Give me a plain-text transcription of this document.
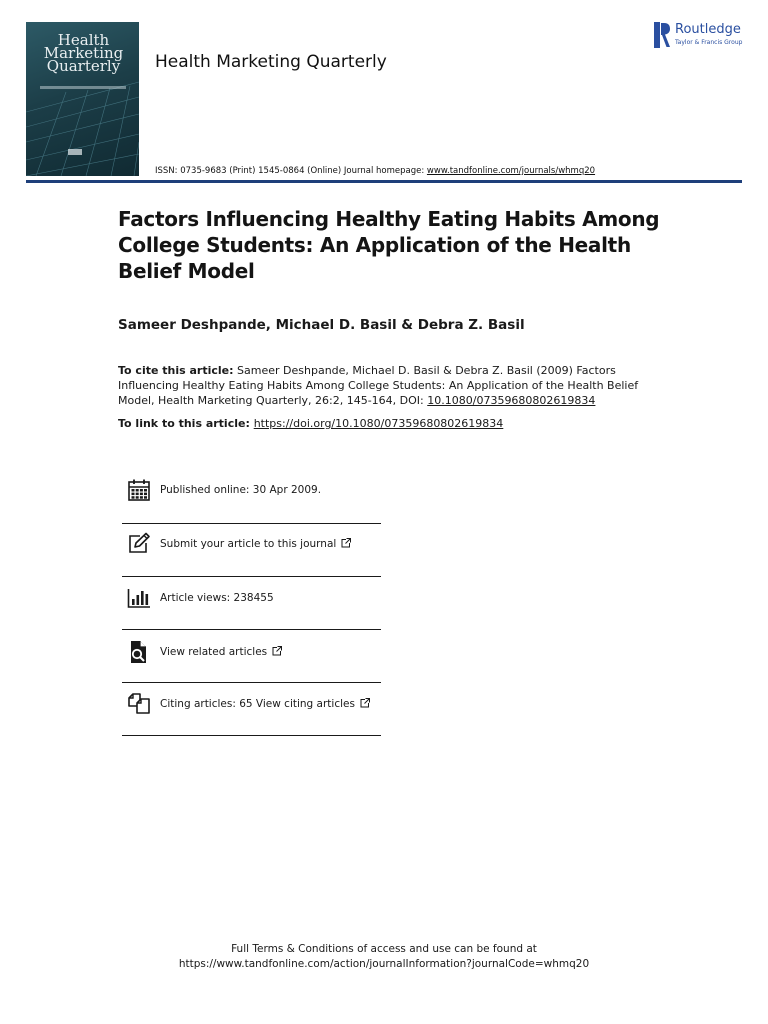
Health
Marketing
Quarterly	Health Marketing Quarterly
Routledge
Taylor & Francis Group
ISSN: 0735-9683 (Print) 1545-0864 (Online) Journal homepage: www.tandfonline.com/journals/whmq20
Factors Influencing Healthy Eating Habits Among College Students: An Application of the Health Belief Model
Sameer Deshpande, Michael D. Basil & Debra Z. Basil
To cite this article: Sameer Deshpande, Michael D. Basil & Debra Z. Basil (2009) Factors Influencing Healthy Eating Habits Among College Students: An Application of the Health Belief Model, Health Marketing Quarterly, 26:2, 145-164, DOI: 10.1080/07359680802619834
To link to this article: https://doi.org/10.1080/07359680802619834
Published online: 30 Apr 2009.
Submit your article to this journal
Article views: 238455
View related articles
Citing articles: 65 View citing articles
Full Terms & Conditions of access and use can be found at
https://www.tandfonline.com/action/journalInformation?journalCode=whmq20
